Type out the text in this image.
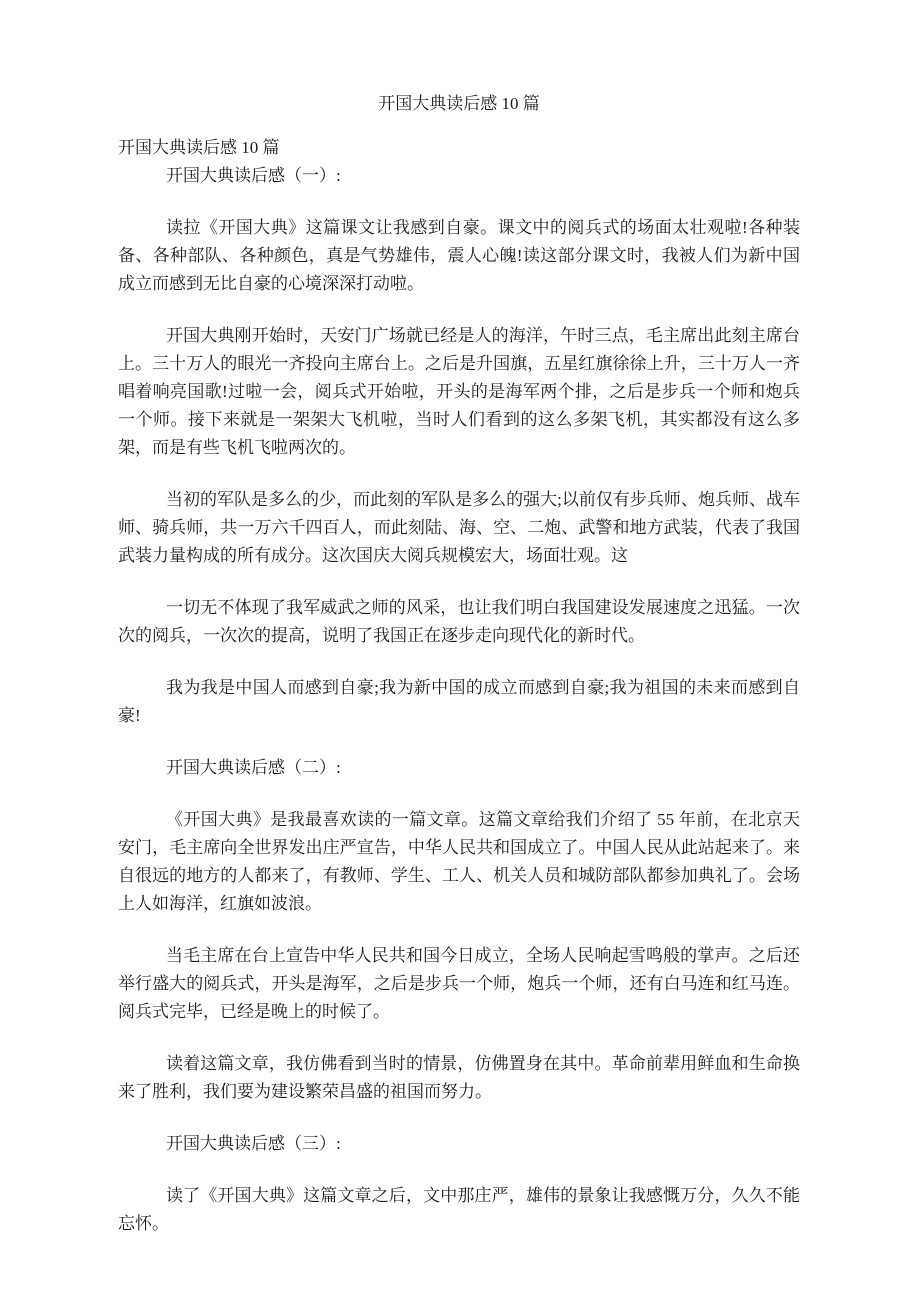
开国大典读后感 10 篇

开国大典读后感 10 篇

开国大典读后感（一）:

读拉《开国大典》这篇课文让我感到自豪。课文中的阅兵式的场面太壮观啦!各种装备、各种部队、各种颜色，真是气势雄伟，震人心魄!读这部分课文时，我被人们为新中国成立而感到无比自豪的心境深深打动啦。

开国大典刚开始时，天安门广场就已经是人的海洋，午时三点，毛主席出此刻主席台上。三十万人的眼光一齐投向主席台上。之后是升国旗，五星红旗徐徐上升，三十万人一齐唱着响亮国歌!过啦一会，阅兵式开始啦，开头的是海军两个排，之后是步兵一个师和炮兵一个师。接下来就是一架架大飞机啦，当时人们看到的这么多架飞机，其实都没有这么多架，而是有些飞机飞啦两次的。

当初的军队是多么的少，而此刻的军队是多么的强大;以前仅有步兵师、炮兵师、战车师、骑兵师，共一万六千四百人，而此刻陆、海、空、二炮、武警和地方武装，代表了我国武装力量构成的所有成分。这次国庆大阅兵规模宏大，场面壮观。这

一切无不体现了我军威武之师的风采，也让我们明白我国建设发展速度之迅猛。一次次的阅兵，一次次的提高，说明了我国正在逐步走向现代化的新时代。

我为我是中国人而感到自豪;我为新中国的成立而感到自豪;我为祖国的未来而感到自豪!

开国大典读后感（二）:

《开国大典》是我最喜欢读的一篇文章。这篇文章给我们介绍了 55 年前，在北京天安门，毛主席向全世界发出庄严宣告，中华人民共和国成立了。中国人民从此站起来了。来自很远的地方的人都来了，有教师、学生、工人、机关人员和城防部队都参加典礼了。会场上人如海洋，红旗如波浪。

当毛主席在台上宣告中华人民共和国今日成立，全场人民响起雪鸣般的掌声。之后还举行盛大的阅兵式，开头是海军，之后是步兵一个师，炮兵一个师，还有白马连和红马连。阅兵式完毕，已经是晚上的时候了。

读着这篇文章，我仿佛看到当时的情景，仿佛置身在其中。革命前辈用鲜血和生命换来了胜利，我们要为建设繁荣昌盛的祖国而努力。

开国大典读后感（三）:

读了《开国大典》这篇文章之后，文中那庄严，雄伟的景象让我感慨万分，久久不能忘怀。
